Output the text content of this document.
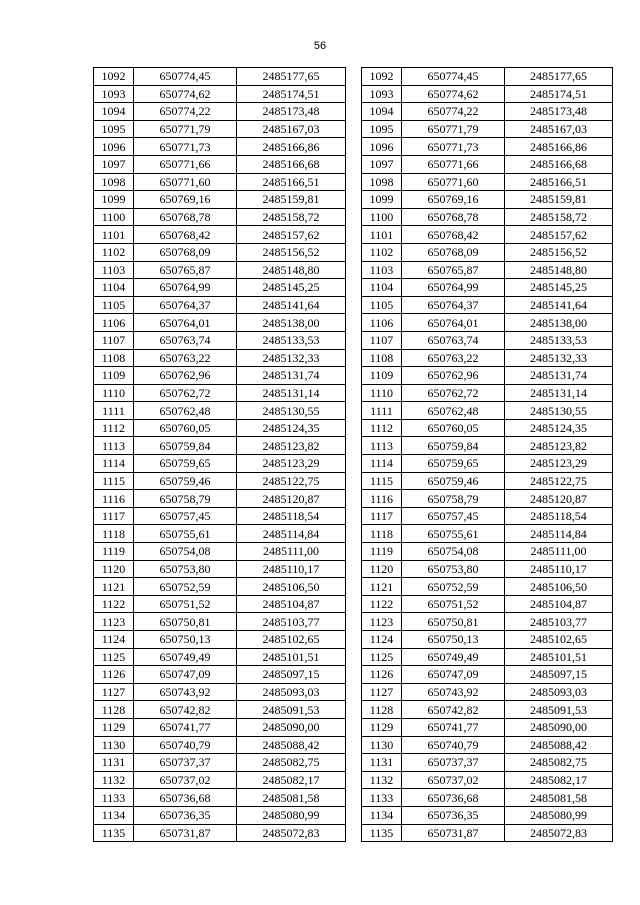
56
1092	650774,45	2485177,65
1093	650774,62	2485174,51
1094	650774,22	2485173,48
1095	650771,79	2485167,03
1096	650771,73	2485166,86
1097	650771,66	2485166,68
1098	650771,60	2485166,51
1099	650769,16	2485159,81
1100	650768,78	2485158,72
1101	650768,42	2485157,62
1102	650768,09	2485156,52
1103	650765,87	2485148,80
1104	650764,99	2485145,25
1105	650764,37	2485141,64
1106	650764,01	2485138,00
1107	650763,74	2485133,53
1108	650763,22	2485132,33
1109	650762,96	2485131,74
1110	650762,72	2485131,14
1111	650762,48	2485130,55
1112	650760,05	2485124,35
1113	650759,84	2485123,82
1114	650759,65	2485123,29
1115	650759,46	2485122,75
1116	650758,79	2485120,87
1117	650757,45	2485118,54
1118	650755,61	2485114,84
1119	650754,08	2485111,00
1120	650753,80	2485110,17
1121	650752,59	2485106,50
1122	650751,52	2485104,87
1123	650750,81	2485103,77
1124	650750,13	2485102,65
1125	650749,49	2485101,51
1126	650747,09	2485097,15
1127	650743,92	2485093,03
1128	650742,82	2485091,53
1129	650741,77	2485090,00
1130	650740,79	2485088,42
1131	650737,37	2485082,75
1132	650737,02	2485082,17
1133	650736,68	2485081,58
1134	650736,35	2485080,99
1135	650731,87	2485072,83
1092	650774,45	2485177,65
1093	650774,62	2485174,51
1094	650774,22	2485173,48
1095	650771,79	2485167,03
1096	650771,73	2485166,86
1097	650771,66	2485166,68
1098	650771,60	2485166,51
1099	650769,16	2485159,81
1100	650768,78	2485158,72
1101	650768,42	2485157,62
1102	650768,09	2485156,52
1103	650765,87	2485148,80
1104	650764,99	2485145,25
1105	650764,37	2485141,64
1106	650764,01	2485138,00
1107	650763,74	2485133,53
1108	650763,22	2485132,33
1109	650762,96	2485131,74
1110	650762,72	2485131,14
1111	650762,48	2485130,55
1112	650760,05	2485124,35
1113	650759,84	2485123,82
1114	650759,65	2485123,29
1115	650759,46	2485122,75
1116	650758,79	2485120,87
1117	650757,45	2485118,54
1118	650755,61	2485114,84
1119	650754,08	2485111,00
1120	650753,80	2485110,17
1121	650752,59	2485106,50
1122	650751,52	2485104,87
1123	650750,81	2485103,77
1124	650750,13	2485102,65
1125	650749,49	2485101,51
1126	650747,09	2485097,15
1127	650743,92	2485093,03
1128	650742,82	2485091,53
1129	650741,77	2485090,00
1130	650740,79	2485088,42
1131	650737,37	2485082,75
1132	650737,02	2485082,17
1133	650736,68	2485081,58
1134	650736,35	2485080,99
1135	650731,87	2485072,83
